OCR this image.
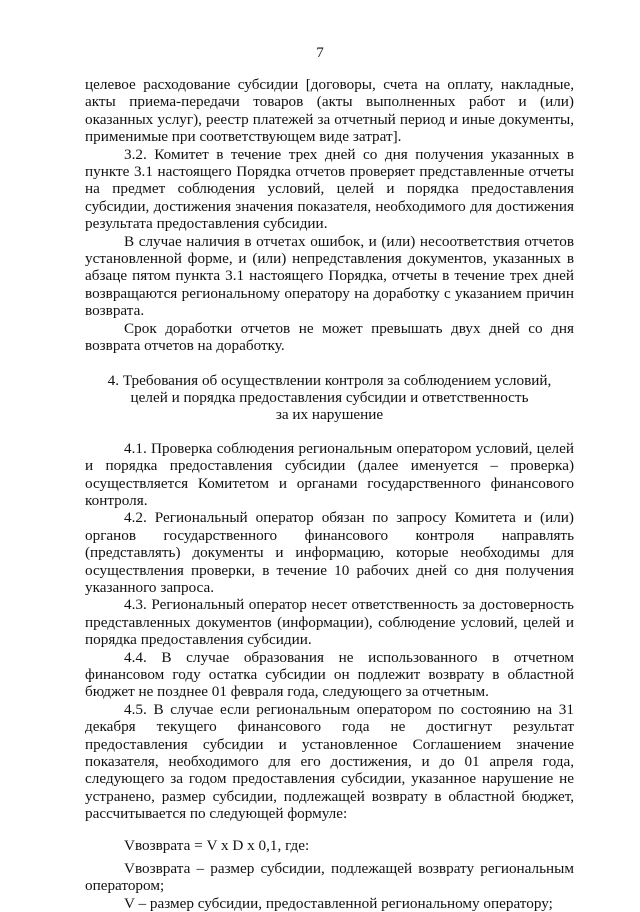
7

целевое расходование субсидии [договоры, счета на оплату, накладные, акты приема-передачи товаров (акты выполненных работ и (или) оказанных услуг), реестр платежей за отчетный период и иные документы, применимые при соответствующем виде затрат].

3.2. Комитет в течение трех дней со дня получения указанных в пункте 3.1 настоящего Порядка отчетов проверяет представленные отчеты на предмет соблюдения условий, целей и порядка предоставления субсидии, достижения значения показателя, необходимого для достижения результата предоставления субсидии.

В случае наличия в отчетах ошибок, и (или) несоответствия отчетов установленной форме, и (или) непредставления документов, указанных в абзаце пятом пункта 3.1 настоящего Порядка, отчеты в течение трех дней возвращаются региональному оператору на доработку с указанием причин возврата.

Срок доработки отчетов не может превышать двух дней со дня возврата отчетов на доработку.

4. Требования об осуществлении контроля за соблюдением условий,
целей и порядка предоставления субсидии и ответственность
за их нарушение

4.1. Проверка соблюдения региональным оператором условий, целей и порядка предоставления субсидии (далее именуется – проверка) осуществляется Комитетом и органами государственного финансового контроля.

4.2. Региональный оператор обязан по запросу Комитета и (или) органов государственного финансового контроля направлять (представлять) документы и информацию, которые необходимы для осуществления проверки, в течение 10 рабочих дней со дня получения указанного запроса.

4.3. Региональный оператор несет ответственность за достоверность представленных документов (информации), соблюдение условий, целей и порядка предоставления субсидии.

4.4. В случае образования не использованного в отчетном финансовом году остатка субсидии он подлежит возврату в областной бюджет не позднее 01 февраля года, следующего за отчетным.

4.5. В случае если региональным оператором по состоянию на 31 декабря текущего финансового года не достигнут результат предоставления субсидии и установленное Соглашением значение показателя, необходимого для его достижения, и до 01 апреля года, следующего за годом предоставления субсидии, указанное нарушение не устранено, размер субсидии, подлежащей возврату в областной бюджет, рассчитывается по следующей формуле:

Vвозврата = V x D x 0,1, где:

Vвозврата – размер субсидии, подлежащей возврату региональным оператором;

V – размер субсидии, предоставленной региональному оператору;
